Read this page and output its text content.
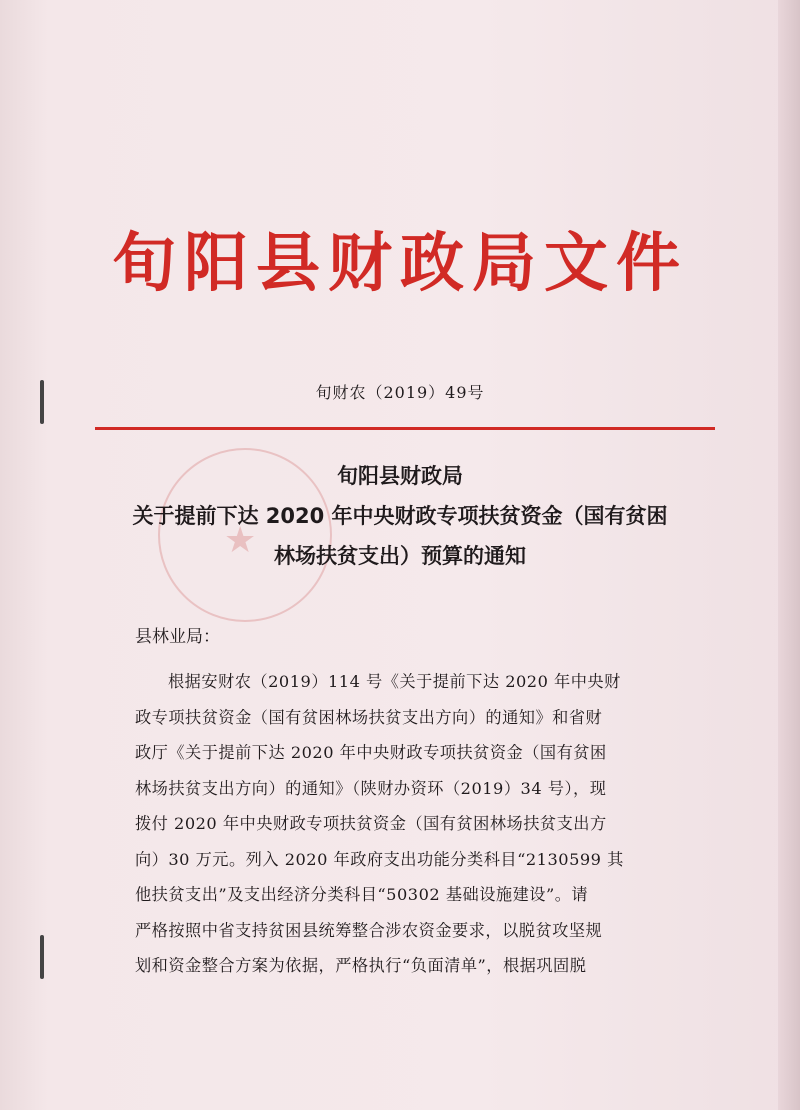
旬阳县财政局文件
旬财农（2019）49号
★
旬阳县财政局
关于提前下达 2020 年中央财政专项扶贫资金（国有贫困
林场扶贫支出）预算的通知
县林业局：
根据安财农（2019）114 号《关于提前下达 2020 年中央财
政专项扶贫资金（国有贫困林场扶贫支出方向）的通知》和省财
政厅《关于提前下达 2020 年中央财政专项扶贫资金（国有贫困
林场扶贫支出方向）的通知》（陕财办资环（2019）34 号），现
拨付 2020 年中央财政专项扶贫资金（国有贫困林场扶贫支出方
向）30 万元。列入 2020 年政府支出功能分类科目“2130599 其
他扶贫支出”及支出经济分类科目“50302 基础设施建设”。请
严格按照中省支持贫困县统筹整合涉农资金要求，以脱贫攻坚规
划和资金整合方案为依据，严格执行“负面清单”，根据巩固脱
